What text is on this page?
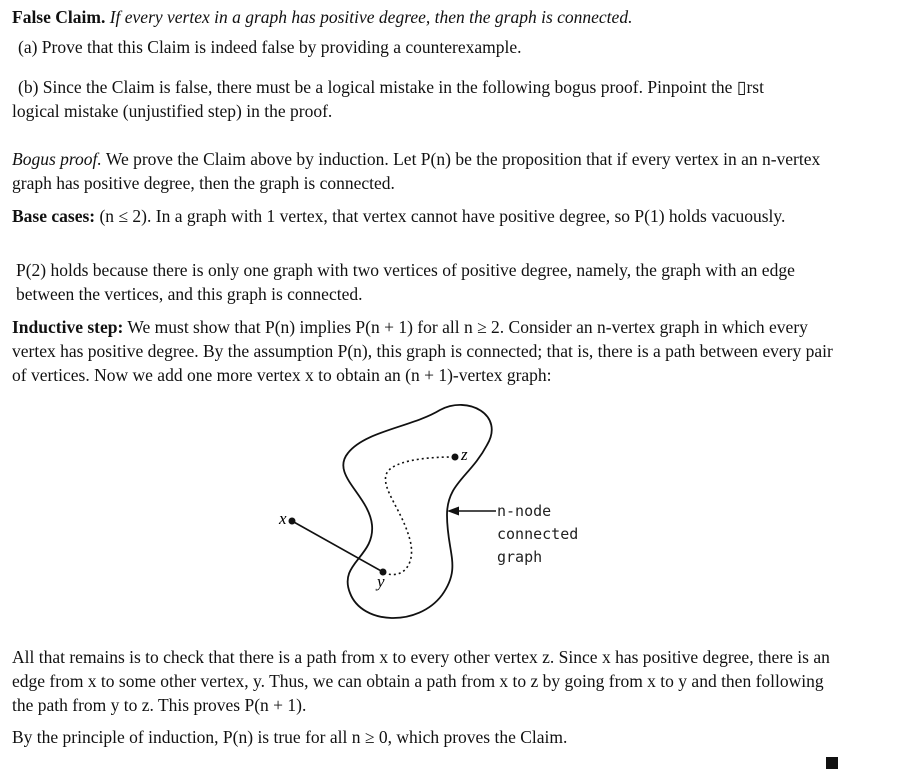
False Claim. If every vertex in a graph has positive degree, then the graph is connected.

(a) Prove that this Claim is indeed false by providing a counterexample.

(b) Since the Claim is false, there must be a logical mistake in the following bogus proof. Pinpoint the ▯rst

logical mistake (unjustified step) in the proof.

Bogus proof. We prove the Claim above by induction. Let P(n) be the proposition that if every vertex in an n-vertex graph has positive degree, then the graph is connected.

Base cases: (n ≤ 2). In a graph with 1 vertex, that vertex cannot have positive degree, so P(1) holds vacuously.

P(2) holds because there is only one graph with two vertices of positive degree, namely, the graph with an edge between the vertices, and this graph is connected.

Inductive step: We must show that P(n) implies P(n + 1) for all n ≥ 2. Consider an n-vertex graph in which every vertex has positive degree. By the assumption P(n), this graph is connected; that is, there is a path between every pair of vertices. Now we add one more vertex x to obtain an (n + 1)-vertex graph:

x
y
z
n-node
connected
graph

All that remains is to check that there is a path from x to every other vertex z. Since x has positive degree, there is an edge from x to some other vertex, y. Thus, we can obtain a path from x to z by going from x to y and then following the path from y to z. This proves P(n + 1).

By the principle of induction, P(n) is true for all n ≥ 0, which proves the Claim.
